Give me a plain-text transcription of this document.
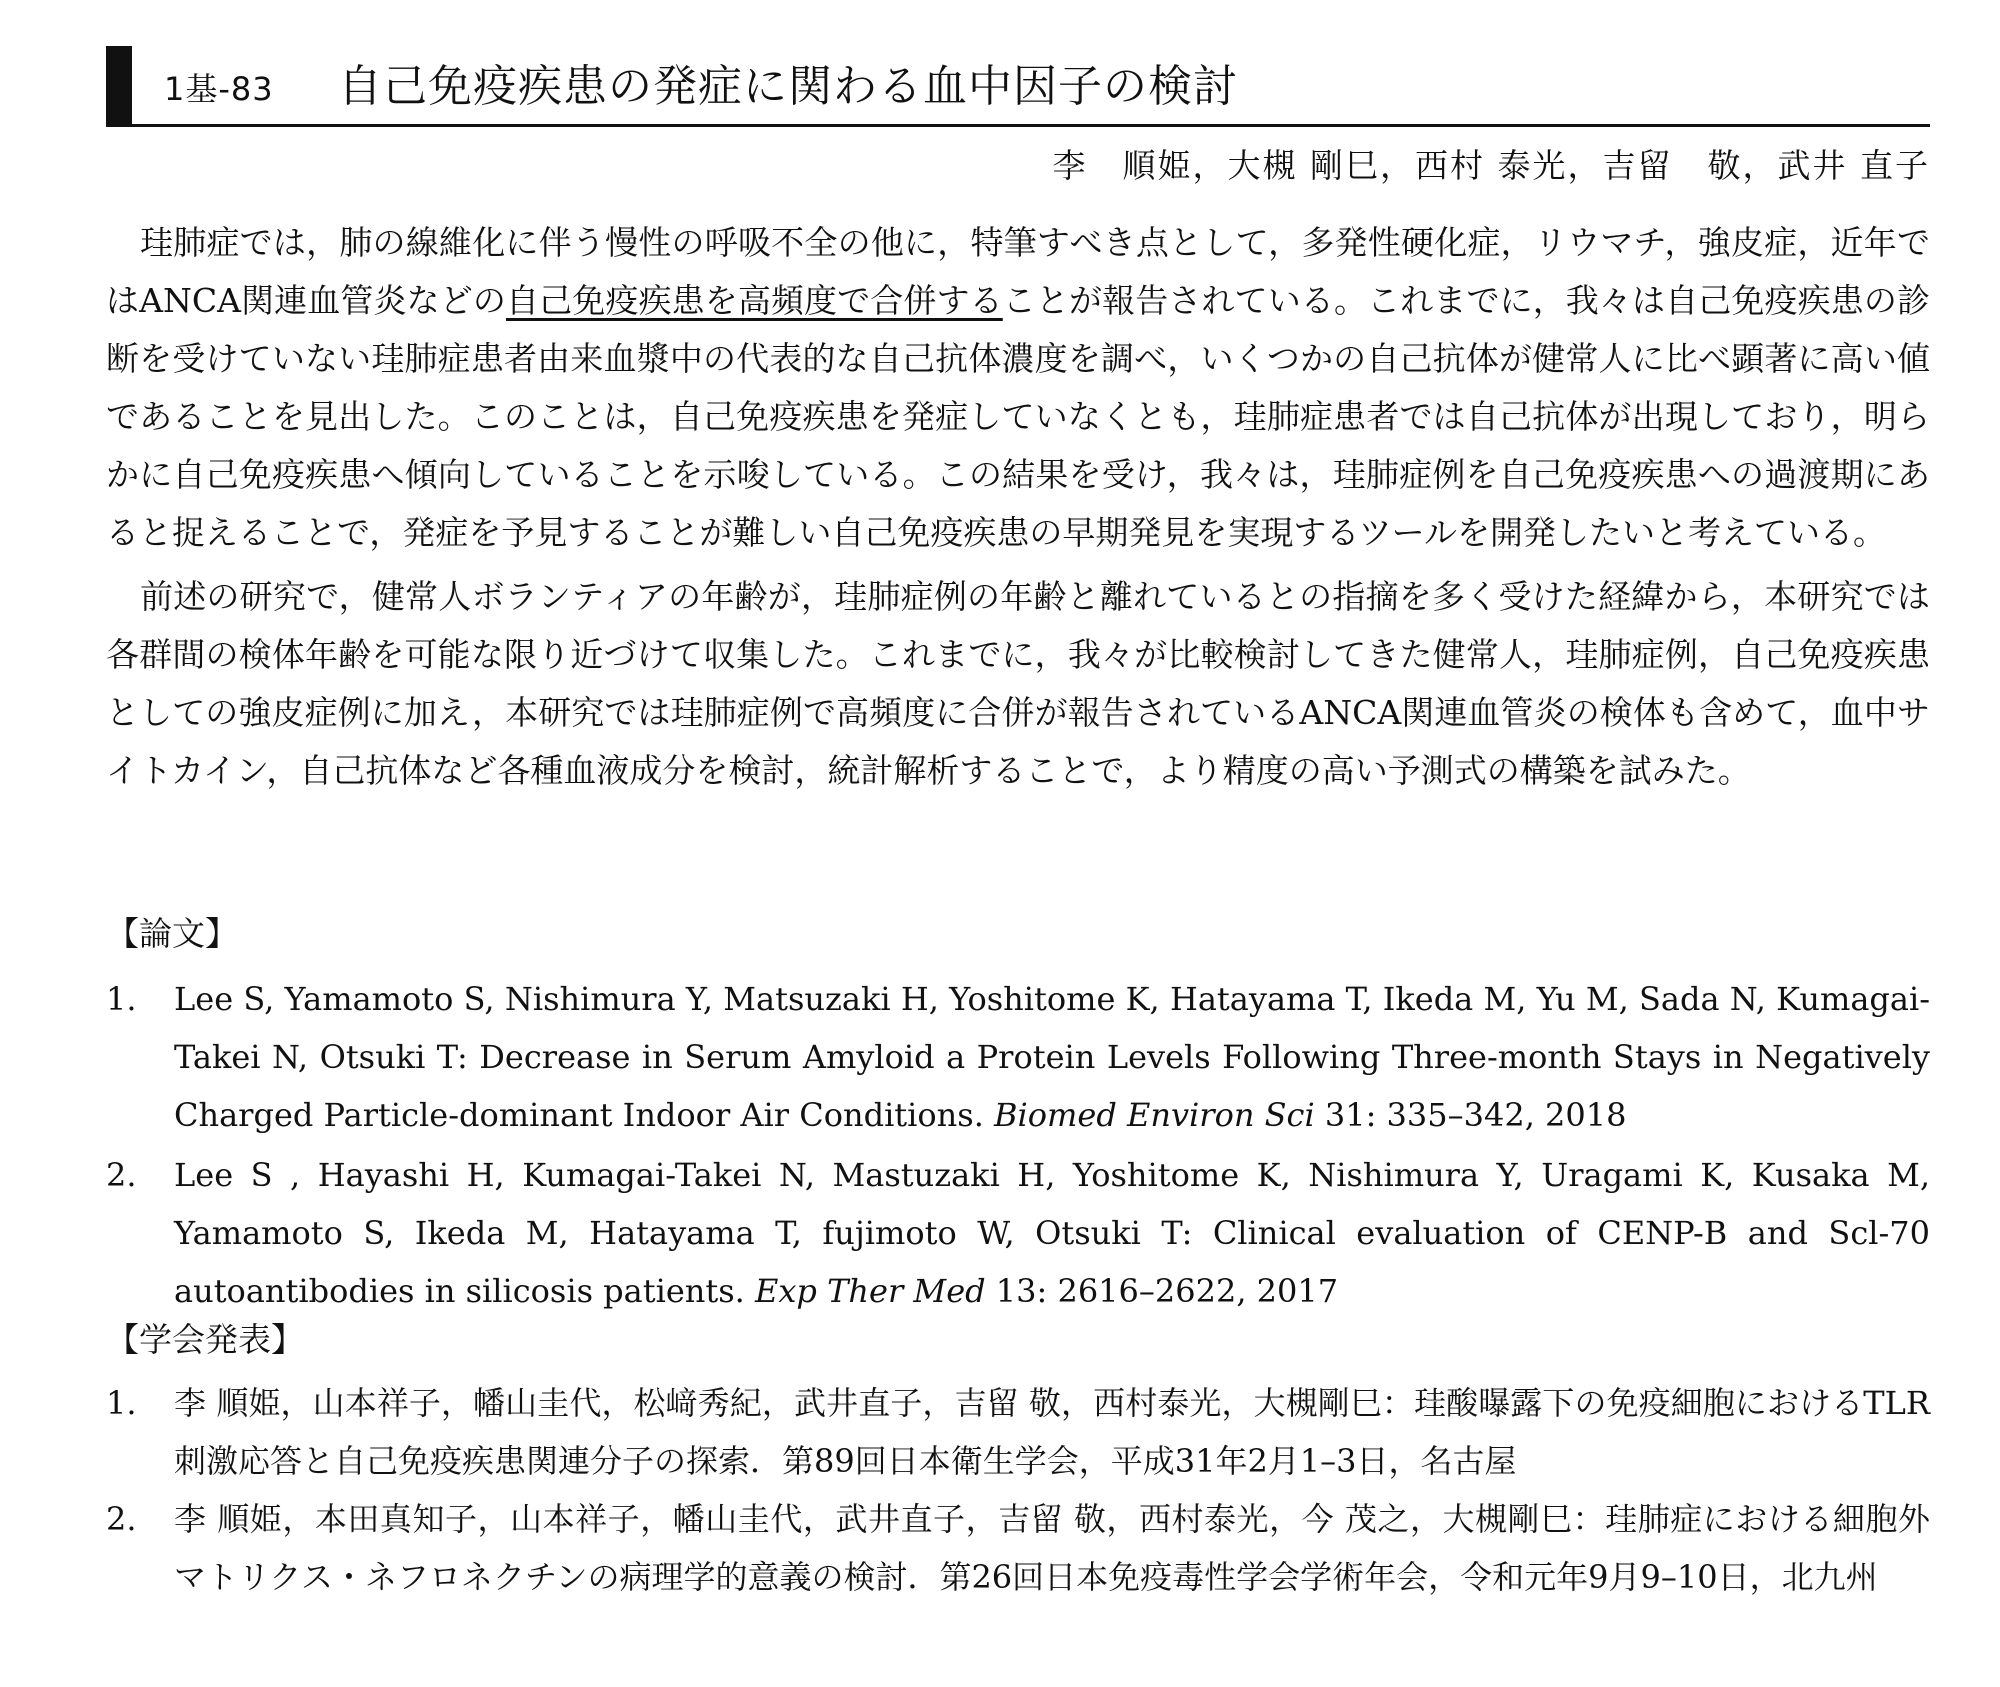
1基-83 自己免疫疾患の発症に関わる血中因子の検討
李　順姫，大槻 剛巳，西村 泰光，吉留　敬，武井 直子

珪肺症では，肺の線維化に伴う慢性の呼吸不全の他に，特筆すべき点として，多発性硬化症，リウマチ，強皮症，近年ではANCA関連血管炎などの自己免疫疾患を高頻度で合併することが報告されている。これまでに，我々は自己免疫疾患の診断を受けていない珪肺症患者由来血漿中の代表的な自己抗体濃度を調べ，いくつかの自己抗体が健常人に比べ顕著に高い値であることを見出した。このことは，自己免疫疾患を発症していなくとも，珪肺症患者では自己抗体が出現しており，明らかに自己免疫疾患へ傾向していることを示唆している。この結果を受け，我々は，珪肺症例を自己免疫疾患への過渡期にあると捉えることで，発症を予見することが難しい自己免疫疾患の早期発見を実現するツールを開発したいと考えている。

前述の研究で，健常人ボランティアの年齢が，珪肺症例の年齢と離れているとの指摘を多く受けた経緯から，本研究では各群間の検体年齢を可能な限り近づけて収集した。これまでに，我々が比較検討してきた健常人，珪肺症例，自己免疫疾患としての強皮症例に加え，本研究では珪肺症例で高頻度に合併が報告されているANCA関連血管炎の検体も含めて，血中サイトカイン，自己抗体など各種血液成分を検討，統計解析することで，より精度の高い予測式の構築を試みた。

【論文】
1.	Lee S, Yamamoto S, Nishimura Y, Matsuzaki H, Yoshitome K, Hatayama T, Ikeda M, Yu M, Sada N, Kumagai-Takei N, Otsuki T: Decrease in Serum Amyloid a Protein Levels Following Three-month Stays in Negatively Charged Particle-dominant Indoor Air Conditions. Biomed Environ Sci 31: 335–342, 2018
2.	Lee S , Hayashi H, Kumagai-Takei N, Mastuzaki H, Yoshitome K, Nishimura Y, Uragami K, Kusaka M, Yamamoto S, Ikeda M, Hatayama T, fujimoto W, Otsuki T: Clinical evaluation of CENP-B and Scl-70 autoantibodies in silicosis patients. Exp Ther Med 13: 2616–2622, 2017
【学会発表】
1.	李 順姫，山本祥子，幡山圭代，松﨑秀紀，武井直子，吉留 敬，西村泰光，大槻剛巳：珪酸曝露下の免疫細胞におけるTLR刺激応答と自己免疫疾患関連分子の探索．第89回日本衛生学会，平成31年2月1–3日，名古屋
2.	李 順姫，本田真知子，山本祥子，幡山圭代，武井直子，吉留 敬，西村泰光，今 茂之，大槻剛巳：珪肺症における細胞外マトリクス・ネフロネクチンの病理学的意義の検討．第26回日本免疫毒性学会学術年会，令和元年9月9–10日，北九州
